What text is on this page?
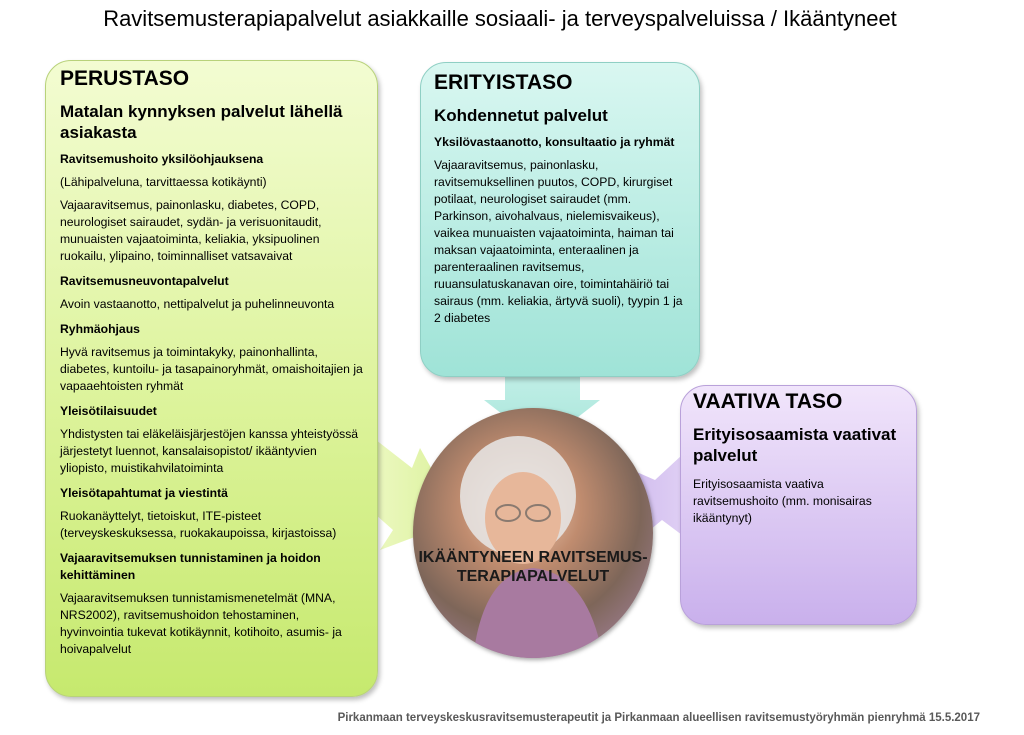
Ravitsemusterapiapalvelut asiakkaille sosiaali- ja terveyspalveluissa / Ikääntyneet
PERUSTASO
Matalan kynnyksen palvelut lähellä asiakasta
Ravitsemushoito yksilöohjauksena
(Lähipalveluna, tarvittaessa kotikäynti)
Vajaaravitsemus, painonlasku, diabetes, COPD, neurologiset sairaudet, sydän- ja verisuonitaudit, munuaisten vajaatoiminta, keliakia, yksipuolinen ruokailu, ylipaino, toiminnalliset vatsavaivat
Ravitsemusneuvontapalvelut
Avoin vastaanotto, nettipalvelut ja puhelinneuvonta
Ryhmäohjaus
Hyvä ravitsemus ja toimintakyky, painonhallinta, diabetes, kuntoilu- ja tasapainoryhmät, omaishoitajien ja vapaaehtoisten ryhmät
Yleisötilaisuudet
Yhdistysten tai eläkeläisjärjestöjen kanssa yhteistyössä järjestetyt luennot, kansalaisopistot/ ikääntyvien yliopisto, muistikahvilatoiminta
Yleisötapahtumat ja viestintä
Ruokanäyttelyt, tietoiskut, ITE-pisteet (terveyskeskuksessa, ruokakaupoissa, kirjastoissa)
Vajaaravitsemuksen tunnistaminen ja hoidon kehittäminen
Vajaaravitsemuksen tunnistamismenetelmät (MNA, NRS2002), ravitsemushoidon tehostaminen, hyvinvointia tukevat kotikäynnit, kotihoito, asumis- ja hoivapalvelut
ERITYISTASO
Kohdennetut palvelut
Yksilövastaanotto, konsultaatio ja ryhmät
Vajaaravitsemus, painonlasku, ravitsemuksellinen puutos, COPD, kirurgiset potilaat, neurologiset sairaudet (mm. Parkinson, aivohalvaus, nielemisvaikeus), vaikea munuaisten vajaatoiminta, haiman tai maksan vajaatoiminta, enteraalinen ja parenteraalinen ravitsemus, ruuansulatuskanavan oire, toimintahäiriö tai sairaus (mm. keliakia, ärtyvä suoli), tyypin 1 ja 2 diabetes
VAATIVA TASO
Erityisosaamista vaativat palvelut
Erityisosaamista vaativa ravitsemushoito (mm. monisairas ikääntynyt)
IKÄÄNTYNEEN RAVITSEMUS-TERAPIAPALVELUT
Pirkanmaan terveyskeskusravitsemusterapeutit ja Pirkanmaan alueellisen ravitsemustyöryhmän pienryhmä 15.5.2017
